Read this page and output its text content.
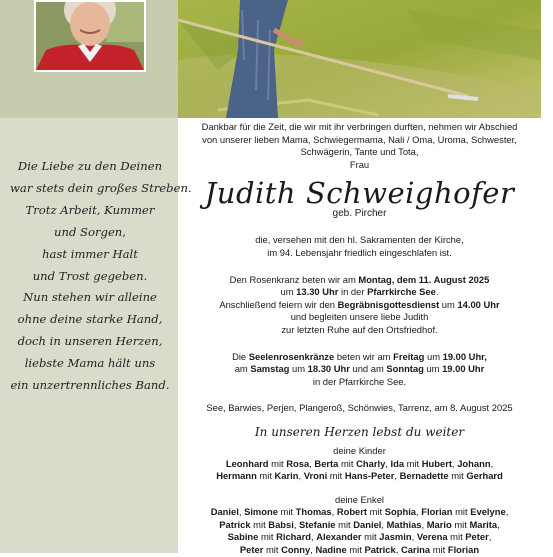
Die Liebe zu den Deinen
war stets dein großes Streben.
Trotz Arbeit, Kummer
und Sorgen,
hast immer Halt
und Trost gegeben.
Nun stehen wir alleine
ohne deine starke Hand,
doch in unseren Herzen,
liebste Mama hält uns
ein unzertrennliches Band.
Dankbar für die Zeit, die wir mit ihr verbringen durften, nehmen wir Abschied
von unserer lieben Mama, Schwiegermama, Nali / Oma, Uroma, Schwester,
Schwägerin, Tante und Tota,
Frau
Judith Schweighofer
geb. Pircher
die, versehen mit den hl. Sakramenten der Kirche,
im 94. Lebensjahr friedlich eingeschlafen ist.
Den Rosenkranz beten wir am Montag, dem 11. August 2025
um 13.30 Uhr in der Pfarrkirche See.
Anschließend feiern wir den Begräbnisgottesdienst um 14.00 Uhr
und begleiten unsere liebe Judith
zur letzten Ruhe auf den Ortsfriedhof.
Die Seelenrosenkränze beten wir am Freitag um 19.00 Uhr,
am Samstag um 18.30 Uhr und am Sonntag um 19.00 Uhr
in der Pfarrkirche See.
See, Barwies, Perjen, Plangeroß, Schönwies, Tarrenz, am 8. August 2025
In unseren Herzen lebst du weiter
deine Kinder
Leonhard mit Rosa, Berta mit Charly, Ida mit Hubert, Johann,
Hermann mit Karin, Vroni mit Hans-Peter, Bernadette mit Gerhard
deine Enkel
Daniel, Simone mit Thomas, Robert mit Sophia, Florian mit Evelyne,
Patrick mit Babsi, Stefanie mit Daniel, Mathias, Mario mit Marita,
Sabine mit Richard, Alexander mit Jasmin, Verena mit Peter,
Peter mit Conny, Nadine mit Patrick, Carina mit Florian
